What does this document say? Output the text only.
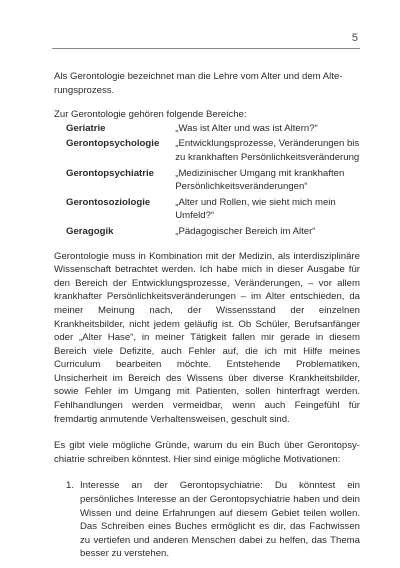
5

Als Gerontologie bezeichnet man die Lehre vom Alter und dem Alterungsprozess.

Zur Gerontologie gehören folgende Bereiche:

Geriatrie	„Was ist Alter und was ist Altern?“
Gerontopsychologie	„Entwicklungsprozesse, Veränderungen bis zu krankhaften Persönlichkeitsveränderung
Gerontopsychiatrie	„Medizinischer Umgang mit krankhaften Persönlichkeitsveränderungen“
Gerontosoziologie	„Alter und Rollen, wie sieht mich mein Umfeld?“
Geragogik	„Pädagogischer Bereich im Alter“

Gerontologie muss in Kombination mit der Medizin, als interdisziplinäre Wissenschaft betrachtet werden. Ich habe mich in dieser Ausgabe für den Bereich der Entwicklungsprozesse, Veränderungen, – vor allem krankhafter Persönlichkeitsveränderungen – im Alter entschieden, da meiner Meinung nach, der Wissensstand der einzelnen Krankheitsbilder, nicht jedem geläufig ist. Ob Schüler, Berufsanfänger oder „Alter Hase“, in meiner Tätigkeit fallen mir gerade in diesem Bereich viele Defizite, auch Fehler auf, die ich mit Hilfe meines Curriculum bearbeiten möchte. Entstehende Problematiken, Unsicherheit im Bereich des Wissens über diverse Krankheitsbilder, sowie Fehler im Umgang mit Patienten, sollen hinterfragt werden. Fehlhandlungen werden vermeidbar, wenn auch Feingefühl für fremdartig anmutende Verhaltensweisen, geschult sind.

Es gibt viele mögliche Gründe, warum du ein Buch über Gerontopsychiatrie schreiben könntest. Hier sind einige mögliche Motivationen:

1. Interesse an der Gerontopsychiatrie: Du könntest ein persönliches Interesse an der Gerontopsychiatrie haben und dein Wissen und deine Erfahrungen auf diesem Gebiet teilen wollen. Das Schreiben eines Buches ermöglicht es dir, das Fachwissen zu vertiefen und anderen Menschen dabei zu helfen, das Thema besser zu verstehen.
